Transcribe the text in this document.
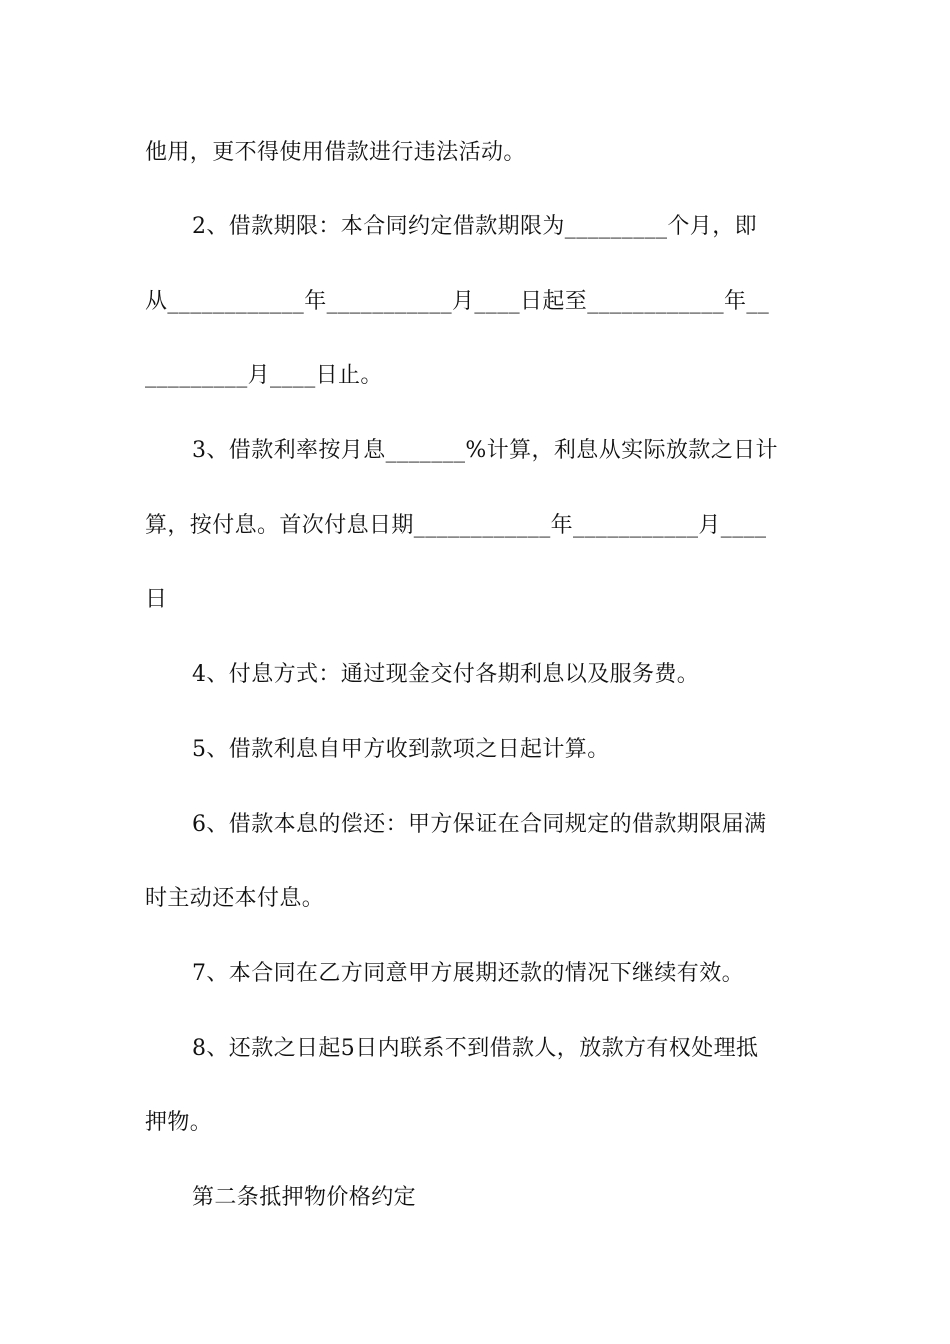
他用，更不得使用借款进行违法活动。
2、借款期限：本合同约定借款期限为_________个月，即
从____________年___________月____日起至____________年__
_________月____日止。
3、借款利率按月息_______%计算，利息从实际放款之日计
算，按付息。首次付息日期____________年___________月____
日
4、付息方式：通过现金交付各期利息以及服务费。
5、借款利息自甲方收到款项之日起计算。
6、借款本息的偿还：甲方保证在合同规定的借款期限届满
时主动还本付息。
7、本合同在乙方同意甲方展期还款的情况下继续有效。
8、还款之日起5日内联系不到借款人，放款方有权处理抵
押物。
第二条抵押物价格约定
